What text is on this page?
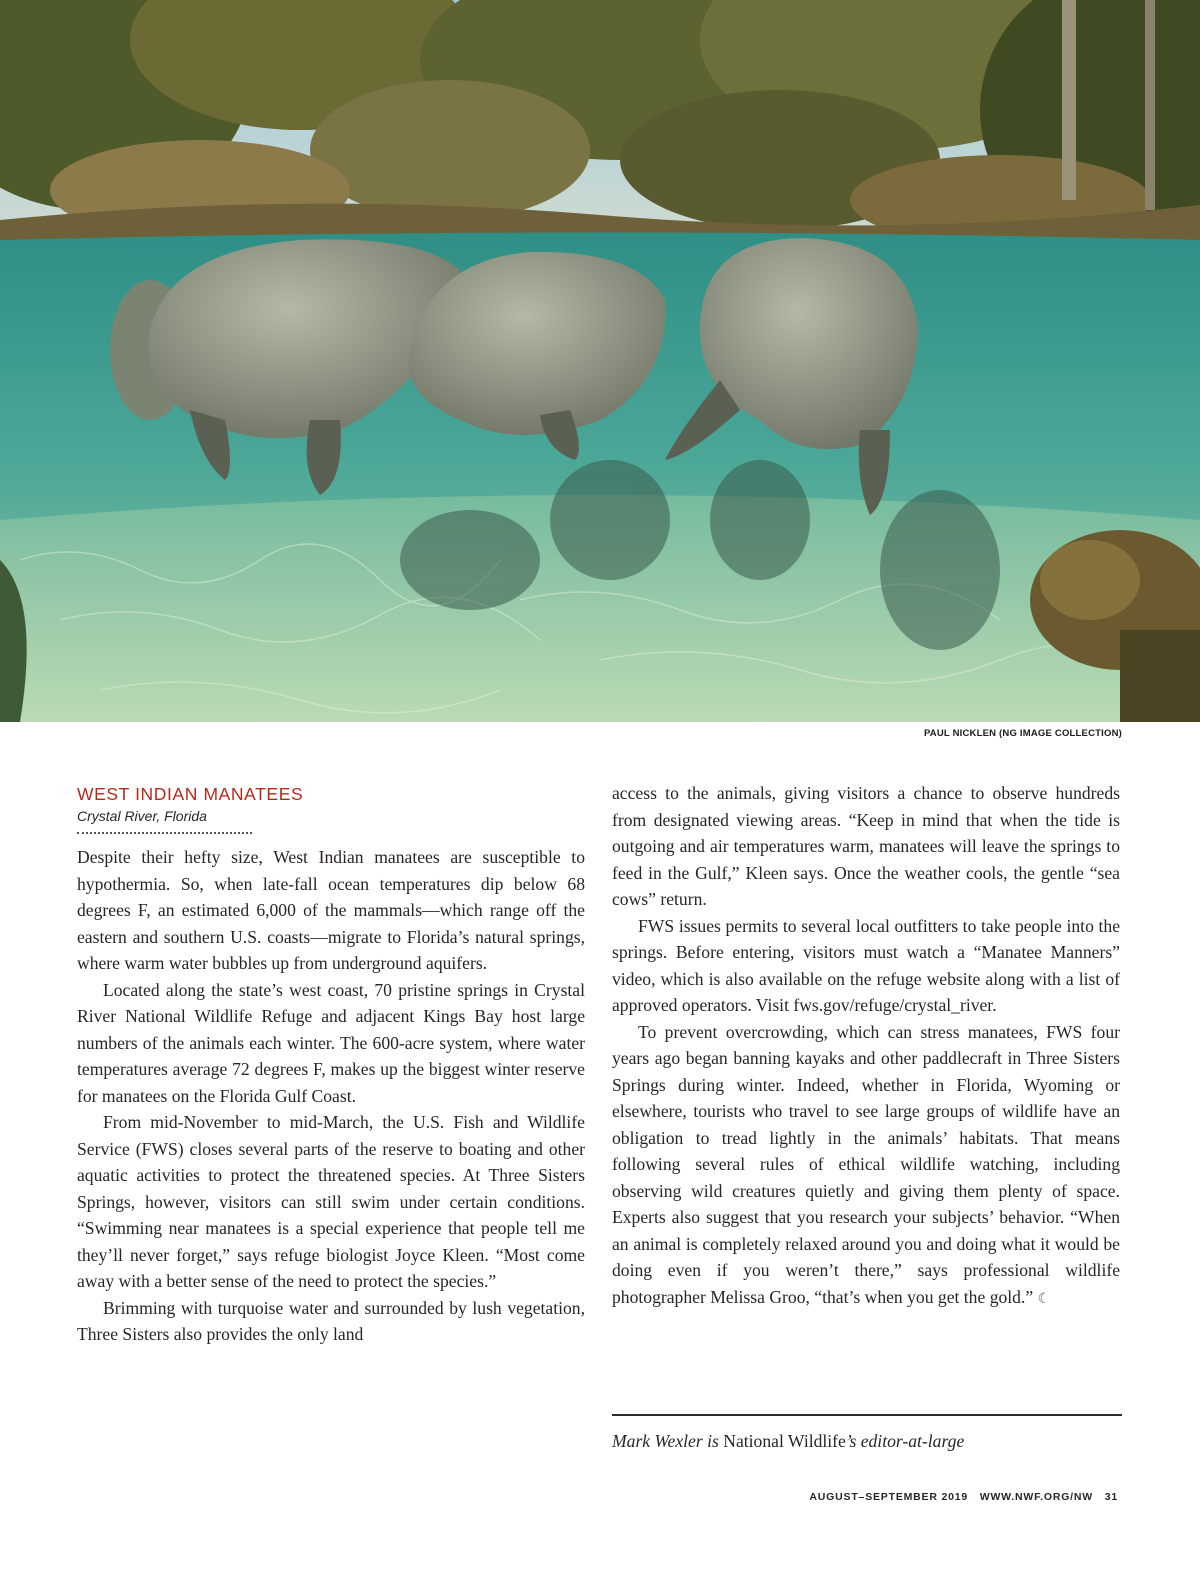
PAUL NICKLEN (NG IMAGE COLLECTION)

WEST INDIAN MANATEES

Crystal River, Florida

Despite their hefty size, West Indian manatees are susceptible to hypothermia. So, when late-fall ocean temperatures dip below 68 degrees F, an estimated 6,000 of the mammals—which range off the eastern and southern U.S. coasts—migrate to Florida’s natural springs, where warm water bubbles up from underground aquifers.

Located along the state’s west coast, 70 pristine springs in Crystal River National Wildlife Refuge and adjacent Kings Bay host large numbers of the animals each winter. The 600-acre system, where water temperatures average 72 degrees F, makes up the biggest winter reserve for manatees on the Florida Gulf Coast.

From mid-November to mid-March, the U.S. Fish and Wildlife Service (FWS) closes several parts of the reserve to boating and other aquatic activities to protect the threatened species. At Three Sisters Springs, however, visitors can still swim under certain conditions. “Swimming near manatees is a special experience that people tell me they’ll never forget,” says refuge biologist Joyce Kleen. “Most come away with a better sense of the need to protect the species.”

Brimming with turquoise water and surrounded by lush vegetation, Three Sisters also provides the only land

access to the animals, giving visitors a chance to observe hundreds from designated viewing areas. “Keep in mind that when the tide is outgoing and air temperatures warm, manatees will leave the springs to feed in the Gulf,” Kleen says. Once the weather cools, the gentle “sea cows” return.

FWS issues permits to several local outfitters to take people into the springs. Before entering, visitors must watch a “Manatee Manners” video, which is also available on the refuge website along with a list of approved operators. Visit fws.gov/refuge/crystal_river.

To prevent overcrowding, which can stress manatees, FWS four years ago began banning kayaks and other paddlecraft in Three Sisters Springs during winter. Indeed, whether in Florida, Wyoming or elsewhere, tourists who travel to see large groups of wildlife have an obligation to tread lightly in the animals’ habitats. That means following several rules of ethical wildlife watching, including observing wild creatures quietly and giving them plenty of space. Experts also suggest that you research your subjects’ behavior. “When an animal is completely relaxed around you and doing what it would be doing even if you weren’t there,” says professional wildlife photographer Melissa Groo, “that’s when you get the gold.” ☾

Mark Wexler is National Wildlife’s editor-at-large
AUGUST–SEPTEMBER 2019 WWW.NWF.ORG/NW 31
